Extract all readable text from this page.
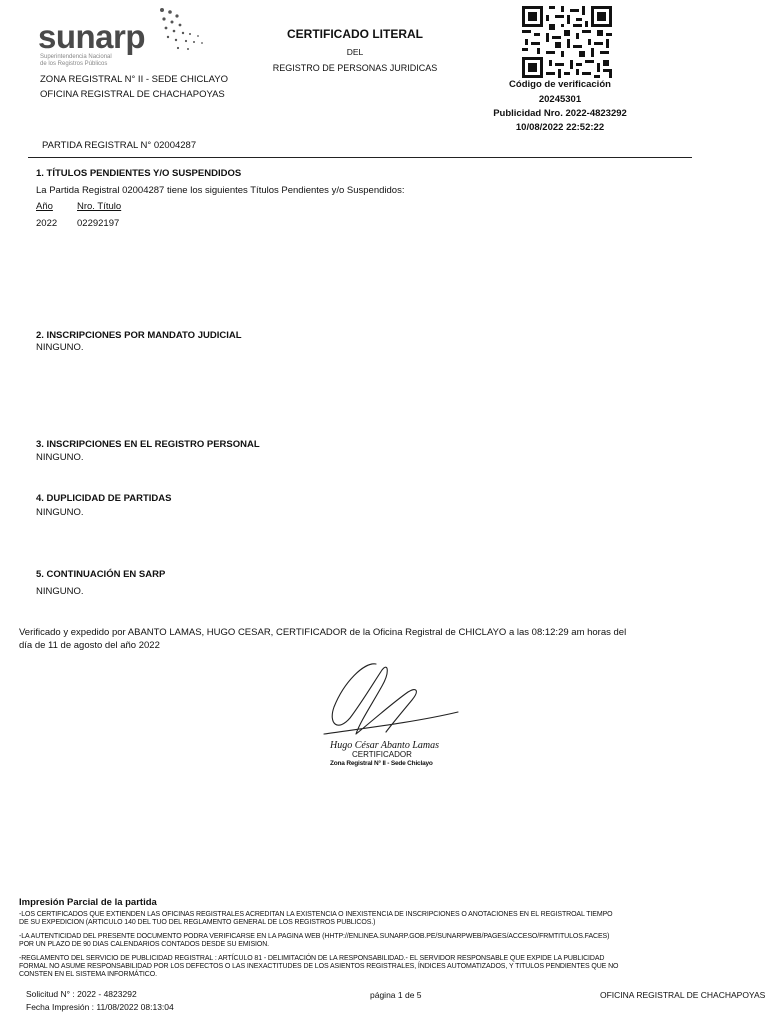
sunarp
Superintendencia Nacional
de los Registros Públicos
ZONA REGISTRAL N° II - SEDE CHICLAYO
OFICINA REGISTRAL DE CHACHAPOYAS
CERTIFICADO LITERAL
DEL
REGISTRO DE PERSONAS JURIDICAS
Código de verificación
20245301
Publicidad Nro. 2022-4823292
10/08/2022 22:52:22
PARTIDA REGISTRAL N° 02004287
1. TÍTULOS PENDIENTES Y/O SUSPENDIDOS
La Partida Registral 02004287 tiene los siguientes Títulos Pendientes y/o Suspendidos:
Año	Nro. Título
2022 02292197
2. INSCRIPCIONES POR MANDATO JUDICIAL
NINGUNO.
3. INSCRIPCIONES EN EL REGISTRO PERSONAL
NINGUNO.
4. DUPLICIDAD DE PARTIDAS
NINGUNO.
5. CONTINUACIÓN EN SARP
NINGUNO.
Verificado y expedido por ABANTO LAMAS, HUGO CESAR, CERTIFICADOR de la Oficina Registral de CHICLAYO a las 08:12:29 am horas del
día de 11 de agosto del año 2022
Hugo César Abanto Lamas
CERTIFICADOR
Zona Registral N° II - Sede Chiclayo
Impresión Parcial de la partida
-LOS CERTIFICADOS QUE EXTIENDEN LAS OFICINAS REGISTRALES ACREDITAN LA EXISTENCIA O INEXISTENCIA DE INSCRIPCIONES O ANOTACIONES EN EL REGISTROAL TIEMPO
DE SU EXPEDICION (ARTICULO 140 DEL TUO DEL REGLAMENTO GENERAL DE LOS REGISTROS PUBLICOS.)
-LA AUTENTICIDAD DEL PRESENTE DOCUMENTO PODRA VERIFICARSE EN LA PAGINA WEB (HHTP://ENLINEA.SUNARP.GOB.PE/SUNARPWEB/PAGES/ACCESO/FRMTITULOS.FACES)
POR UN PLAZO DE 90 DIAS CALENDARIOS CONTADOS DESDE SU EMISION.
-REGLAMENTO DEL SERVICIO DE PUBLICIDAD REGISTRAL : ARTÍCULO 81 - DELIMITACIÓN DE LA RESPONSABILIDAD.- EL SERVIDOR RESPONSABLE QUE EXPIDE LA PUBLICIDAD
FORMAL NO ASUME RESPONSABILIDAD POR LOS DEFECTOS O LAS INEXACTITUDES DE LOS ASIENTOS REGISTRALES, ÍNDICES AUTOMATIZADOS, Y TITULOS PENDIENTES QUE NO
CONSTEN EN EL SISTEMA INFORMÁTICO.
Solicitud N° : 2022 - 4823292
Fecha Impresión : 11/08/2022 08:13:04
página 1 de 5	OFICINA REGISTRAL DE CHACHAPOYAS
